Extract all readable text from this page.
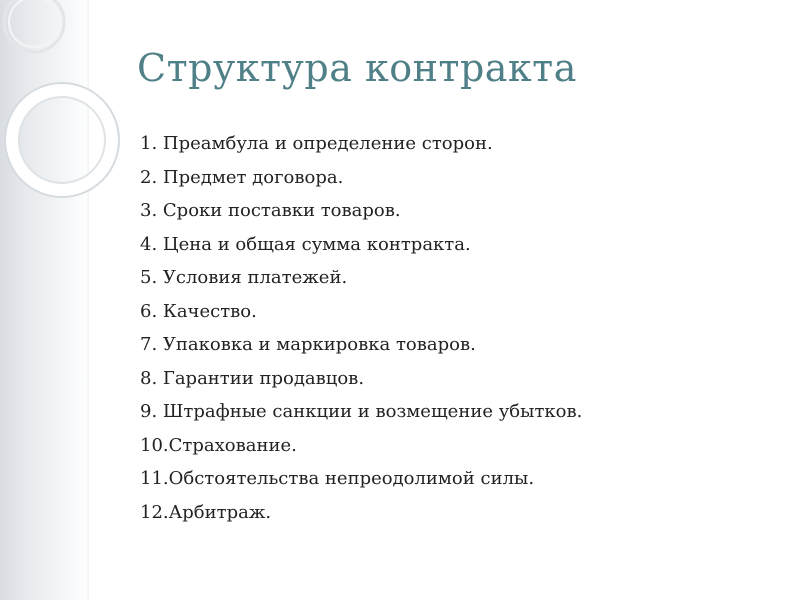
Структура контракта
1. Преамбула и определение сторон.
2. Предмет договора.
3. Сроки поставки товаров.
4. Цена и общая сумма контракта.
5. Условия платежей.
6. Качество.
7. Упаковка и маркировка товаров.
8. Гарантии продавцов.
9. Штрафные санкции и возмещение убытков.
10.Страхование.
11.Обстоятельства непреодолимой силы.
12.Арбитраж.
